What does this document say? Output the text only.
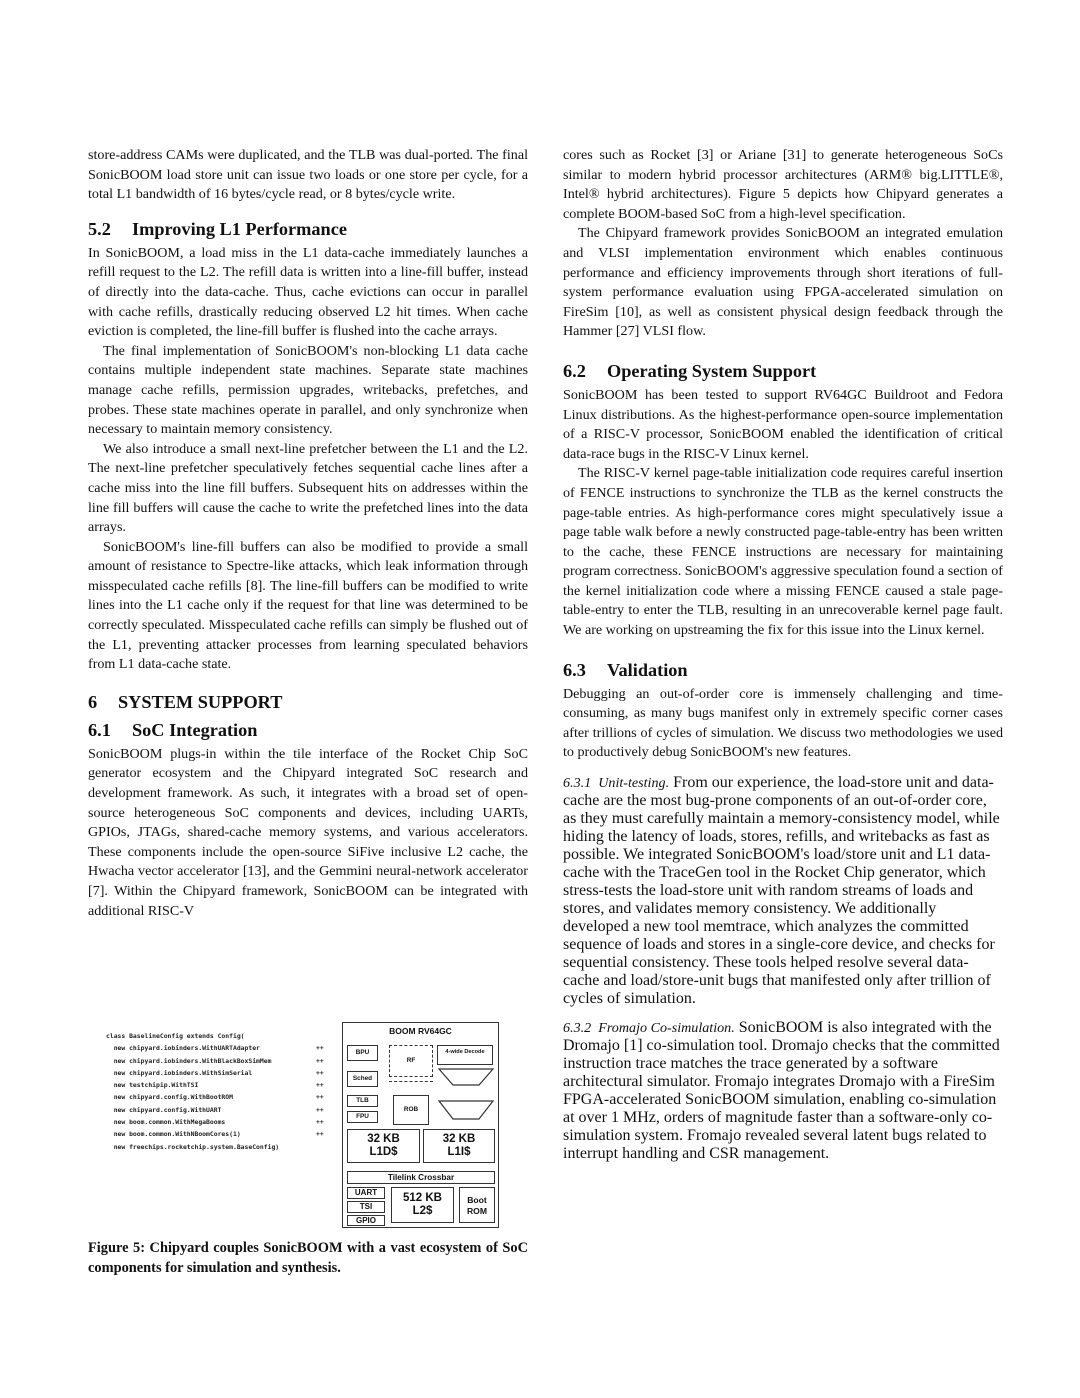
store-address CAMs were duplicated, and the TLB was dual-ported. The final SonicBOOM load store unit can issue two loads or one store per cycle, for a total L1 bandwidth of 16 bytes/cycle read, or 8 bytes/cycle write.

5.2 Improving L1 Performance

In SonicBOOM, a load miss in the L1 data-cache immediately launches a refill request to the L2. The refill data is written into a line-fill buffer, instead of directly into the data-cache. Thus, cache evictions can occur in parallel with cache refills, drastically reducing observed L2 hit times. When cache eviction is completed, the line-fill buffer is flushed into the cache arrays.

The final implementation of SonicBOOM's non-blocking L1 data cache contains multiple independent state machines. Separate state machines manage cache refills, permission upgrades, writebacks, prefetches, and probes. These state machines operate in parallel, and only synchronize when necessary to maintain memory consistency.

We also introduce a small next-line prefetcher between the L1 and the L2. The next-line prefetcher speculatively fetches sequential cache lines after a cache miss into the line fill buffers. Subsequent hits on addresses within the line fill buffers will cause the cache to write the prefetched lines into the data arrays.

SonicBOOM's line-fill buffers can also be modified to provide a small amount of resistance to Spectre-like attacks, which leak information through misspeculated cache refills [8]. The line-fill buffers can be modified to write lines into the L1 cache only if the request for that line was determined to be correctly speculated. Misspeculated cache refills can simply be flushed out of the L1, preventing attacker processes from learning speculated behaviors from L1 data-cache state.

6 SYSTEM SUPPORT
6.1 SoC Integration

SonicBOOM plugs-in within the tile interface of the Rocket Chip SoC generator ecosystem and the Chipyard integrated SoC research and development framework. As such, it integrates with a broad set of open-source heterogeneous SoC components and devices, including UARTs, GPIOs, JTAGs, shared-cache memory systems, and various accelerators. These components include the open-source SiFive inclusive L2 cache, the Hwacha vector accelerator [13], and the Gemmini neural-network accelerator [7]. Within the Chipyard framework, SonicBOOM can be integrated with additional RISC-V

class BaselineConfig extends Config(
new chipyard.iobinders.WithUARTAdapter	++
new chipyard.iobinders.WithBlackBoxSimMem	++
new chipyard.iobinders.WithSimSerial	++
new testchipip.WithTSI	++
new chipyard.config.WithBootROM	++
new chipyard.config.WithUART	++
new boom.common.WithMegaBooms	++
new boom.common.WithNBoomCores(1)	++
new freechips.rocketchip.system.BaseConfig)
BOOM RV64GC
BPU
RF
4-wide Decode
Sched
TLB
ROB
FPU
32 KB
L1D$
32 KB
L1I$
Tilelink Crossbar
UART
TSI
GPIO
512 KB
L2$
Boot ROM

Figure 5: Chipyard couples SonicBOOM with a vast ecosystem of SoC components for simulation and synthesis.

cores such as Rocket [3] or Ariane [31] to generate heterogeneous SoCs similar to modern hybrid processor architectures (ARM® big.LITTLE®, Intel® hybrid architectures). Figure 5 depicts how Chipyard generates a complete BOOM-based SoC from a high-level specification.

The Chipyard framework provides SonicBOOM an integrated emulation and VLSI implementation environment which enables continuous performance and efficiency improvements through short iterations of full-system performance evaluation using FPGA-accelerated simulation on FireSim [10], as well as consistent physical design feedback through the Hammer [27] VLSI flow.

6.2 Operating System Support

SonicBOOM has been tested to support RV64GC Buildroot and Fedora Linux distributions. As the highest-performance open-source implementation of a RISC-V processor, SonicBOOM enabled the identification of critical data-race bugs in the RISC-V Linux kernel.

The RISC-V kernel page-table initialization code requires careful insertion of FENCE instructions to synchronize the TLB as the kernel constructs the page-table entries. As high-performance cores might speculatively issue a page table walk before a newly constructed page-table-entry has been written to the cache, these FENCE instructions are necessary for maintaining program correctness. SonicBOOM's aggressive speculation found a section of the kernel initialization code where a missing FENCE caused a stale page-table-entry to enter the TLB, resulting in an unrecoverable kernel page fault. We are working on upstreaming the fix for this issue into the Linux kernel.

6.3 Validation

Debugging an out-of-order core is immensely challenging and time-consuming, as many bugs manifest only in extremely specific corner cases after trillions of cycles of simulation. We discuss two methodologies we used to productively debug SonicBOOM's new features.

6.3.1 Unit-testing. From our experience, the load-store unit and data-cache are the most bug-prone components of an out-of-order core, as they must carefully maintain a memory-consistency model, while hiding the latency of loads, stores, refills, and writebacks as fast as possible. We integrated SonicBOOM's load/store unit and L1 data-cache with the TraceGen tool in the Rocket Chip generator, which stress-tests the load-store unit with random streams of loads and stores, and validates memory consistency. We additionally developed a new tool memtrace, which analyzes the committed sequence of loads and stores in a single-core device, and checks for sequential consistency. These tools helped resolve several data-cache and load/store-unit bugs that manifested only after trillion of cycles of simulation.

6.3.2 Fromajo Co-simulation. SonicBOOM is also integrated with the Dromajo [1] co-simulation tool. Dromajo checks that the committed instruction trace matches the trace generated by a software architectural simulator. Fromajo integrates Dromajo with a FireSim FPGA-accelerated SonicBOOM simulation, enabling co-simulation at over 1 MHz, orders of magnitude faster than a software-only co-simulation system. Fromajo revealed several latent bugs related to interrupt handling and CSR management.
